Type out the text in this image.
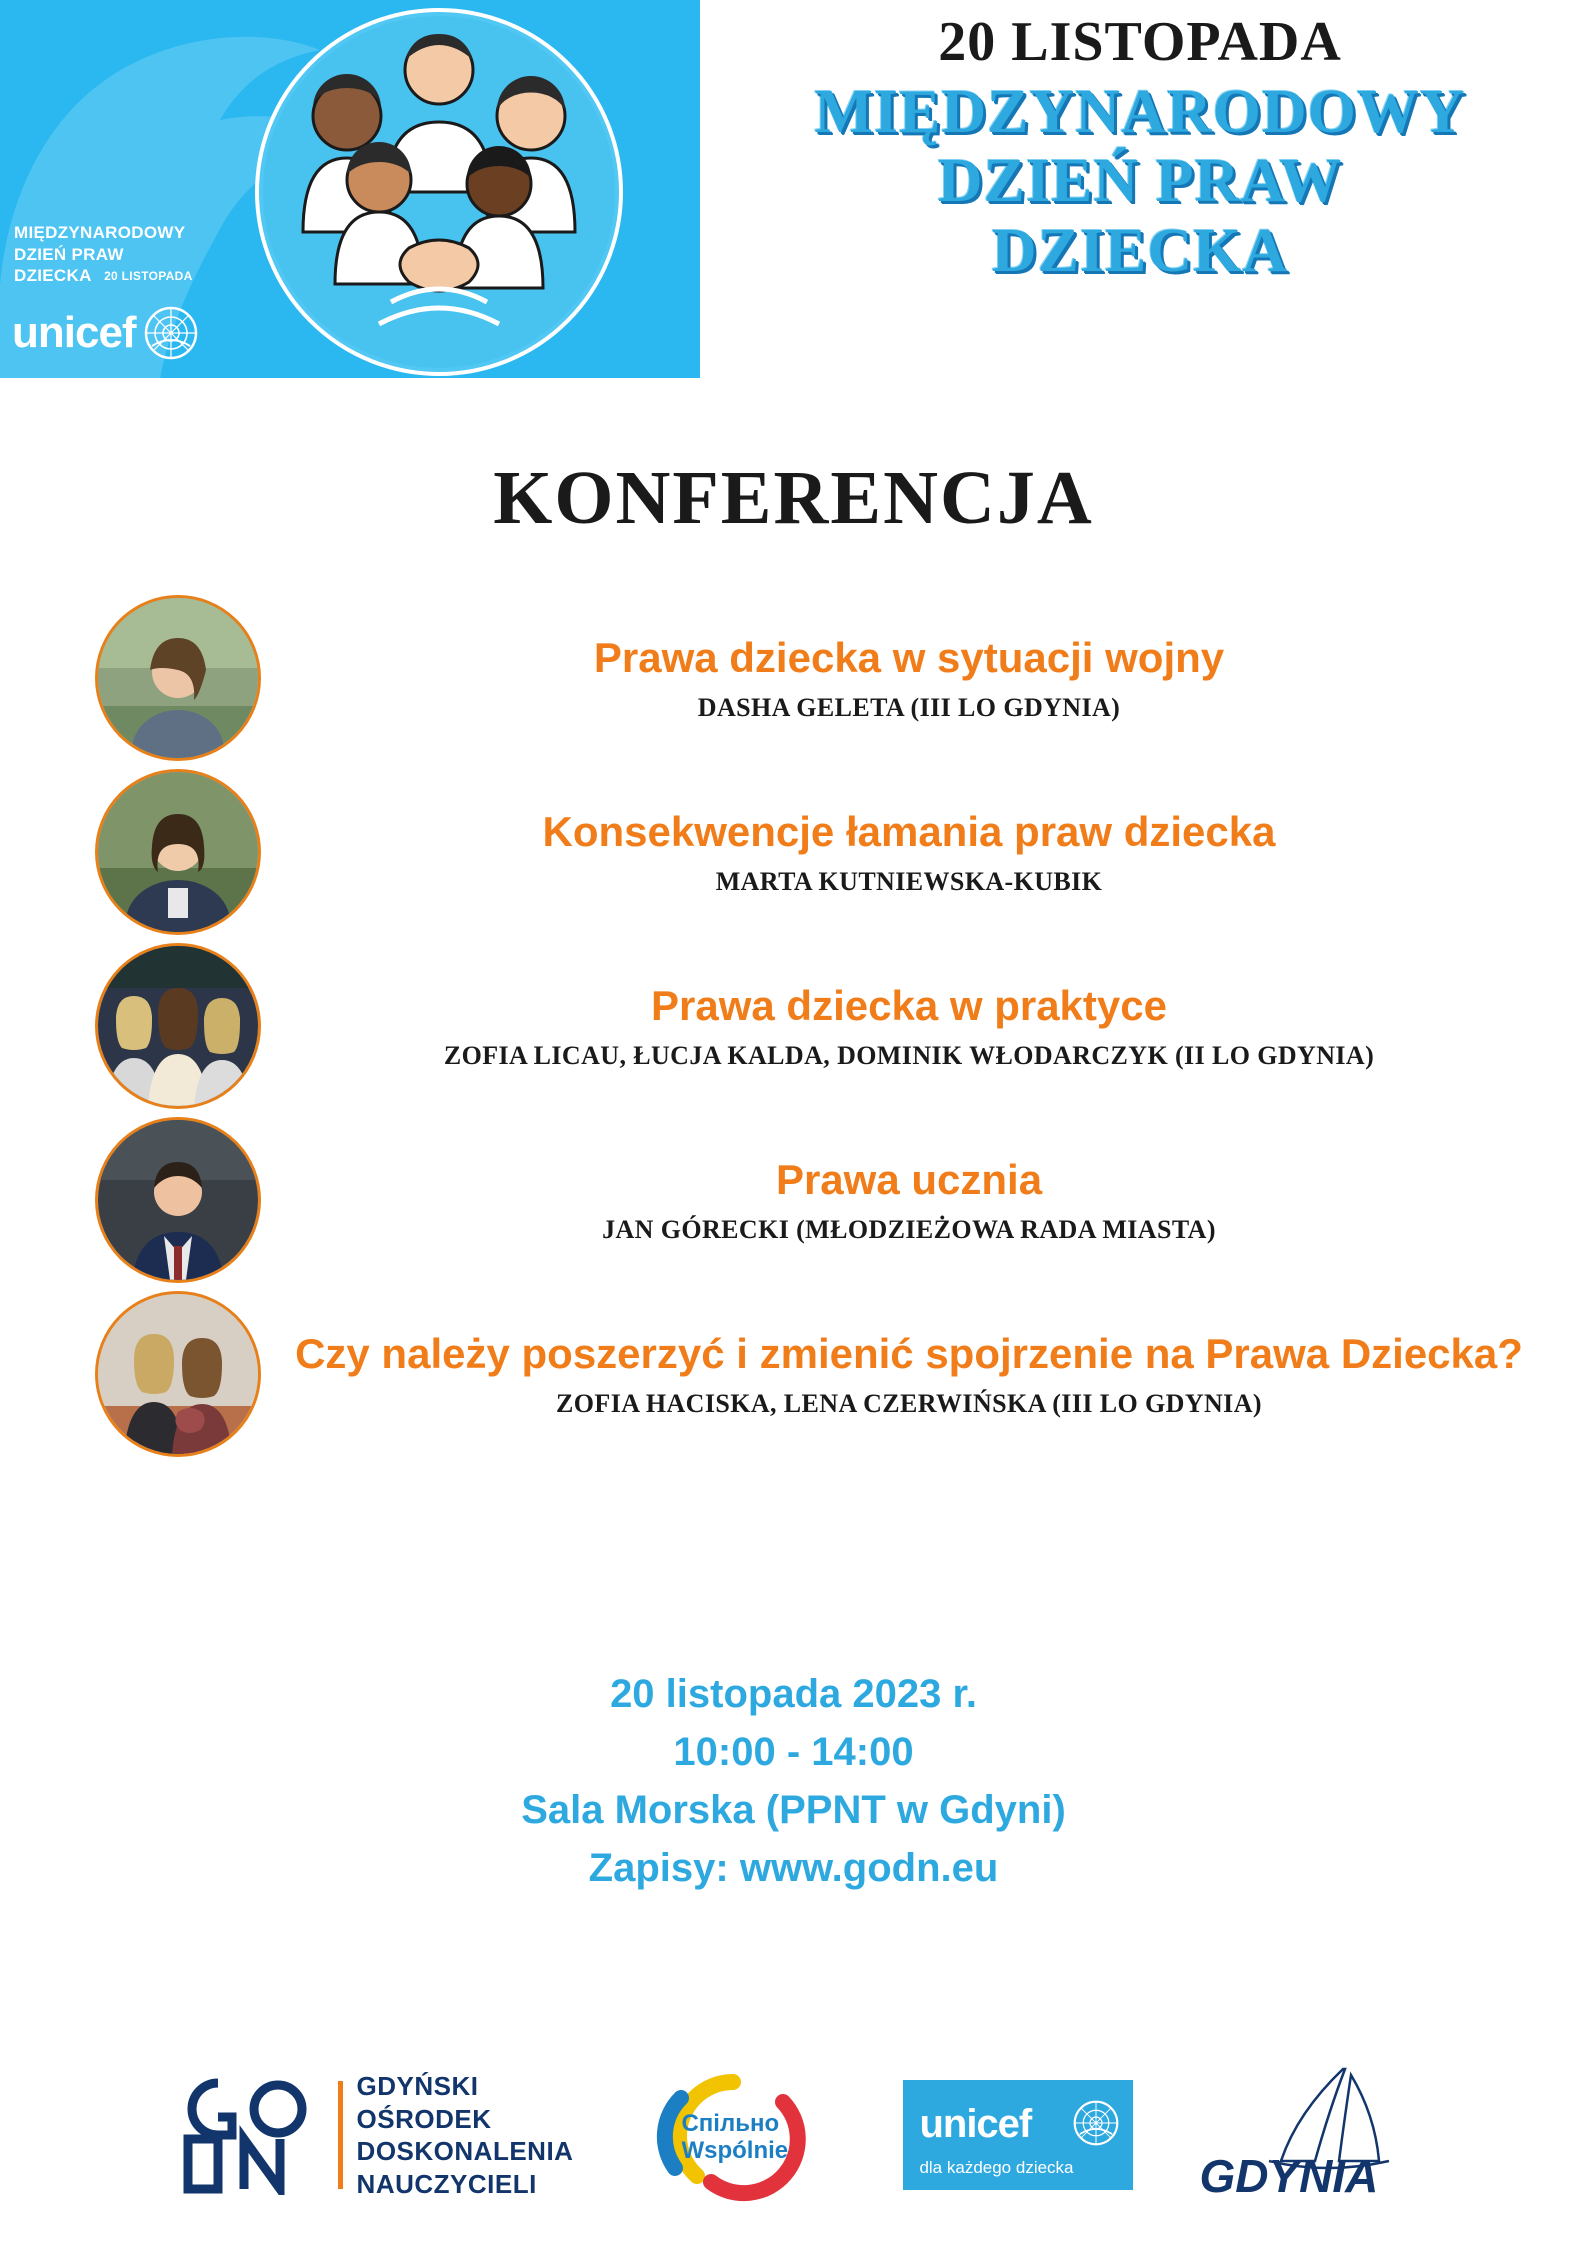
MIĘDZYNARODOWY
DZIEŃ PRAW
DZIECKA 20 LISTOPADA
unicef
20 LISTOPADA
MIĘDZYNARODOWY
DZIEŃ PRAW
DZIECKA
KONFERENCJA
Prawa dziecka w sytuacji wojny
DASHA GELETA (III LO GDYNIA)
Konsekwencje łamania praw dziecka
MARTA KUTNIEWSKA-KUBIK
Prawa dziecka w praktyce
ZOFIA LICAU, ŁUCJA KALDA, DOMINIK WŁODARCZYK (II LO GDYNIA)
Prawa ucznia
JAN GÓRECKI (MŁODZIEŻOWA RADA MIASTA)
Czy należy poszerzyć i zmienić spojrzenie na Prawa Dziecka?
ZOFIA HACISKA, LENA CZERWIŃSKA (III LO GDYNIA)
20 listopada 2023 r.
10:00 - 14:00
Sala Morska (PPNT w Gdyni)
Zapisy: www.godn.eu
GDYŃSKI
OŚRODEK
DOSKONALENIA
NAUCZYCIELI
Спільно
Wspólnie
unicef
dla każdego dziecka	GDYNIA
